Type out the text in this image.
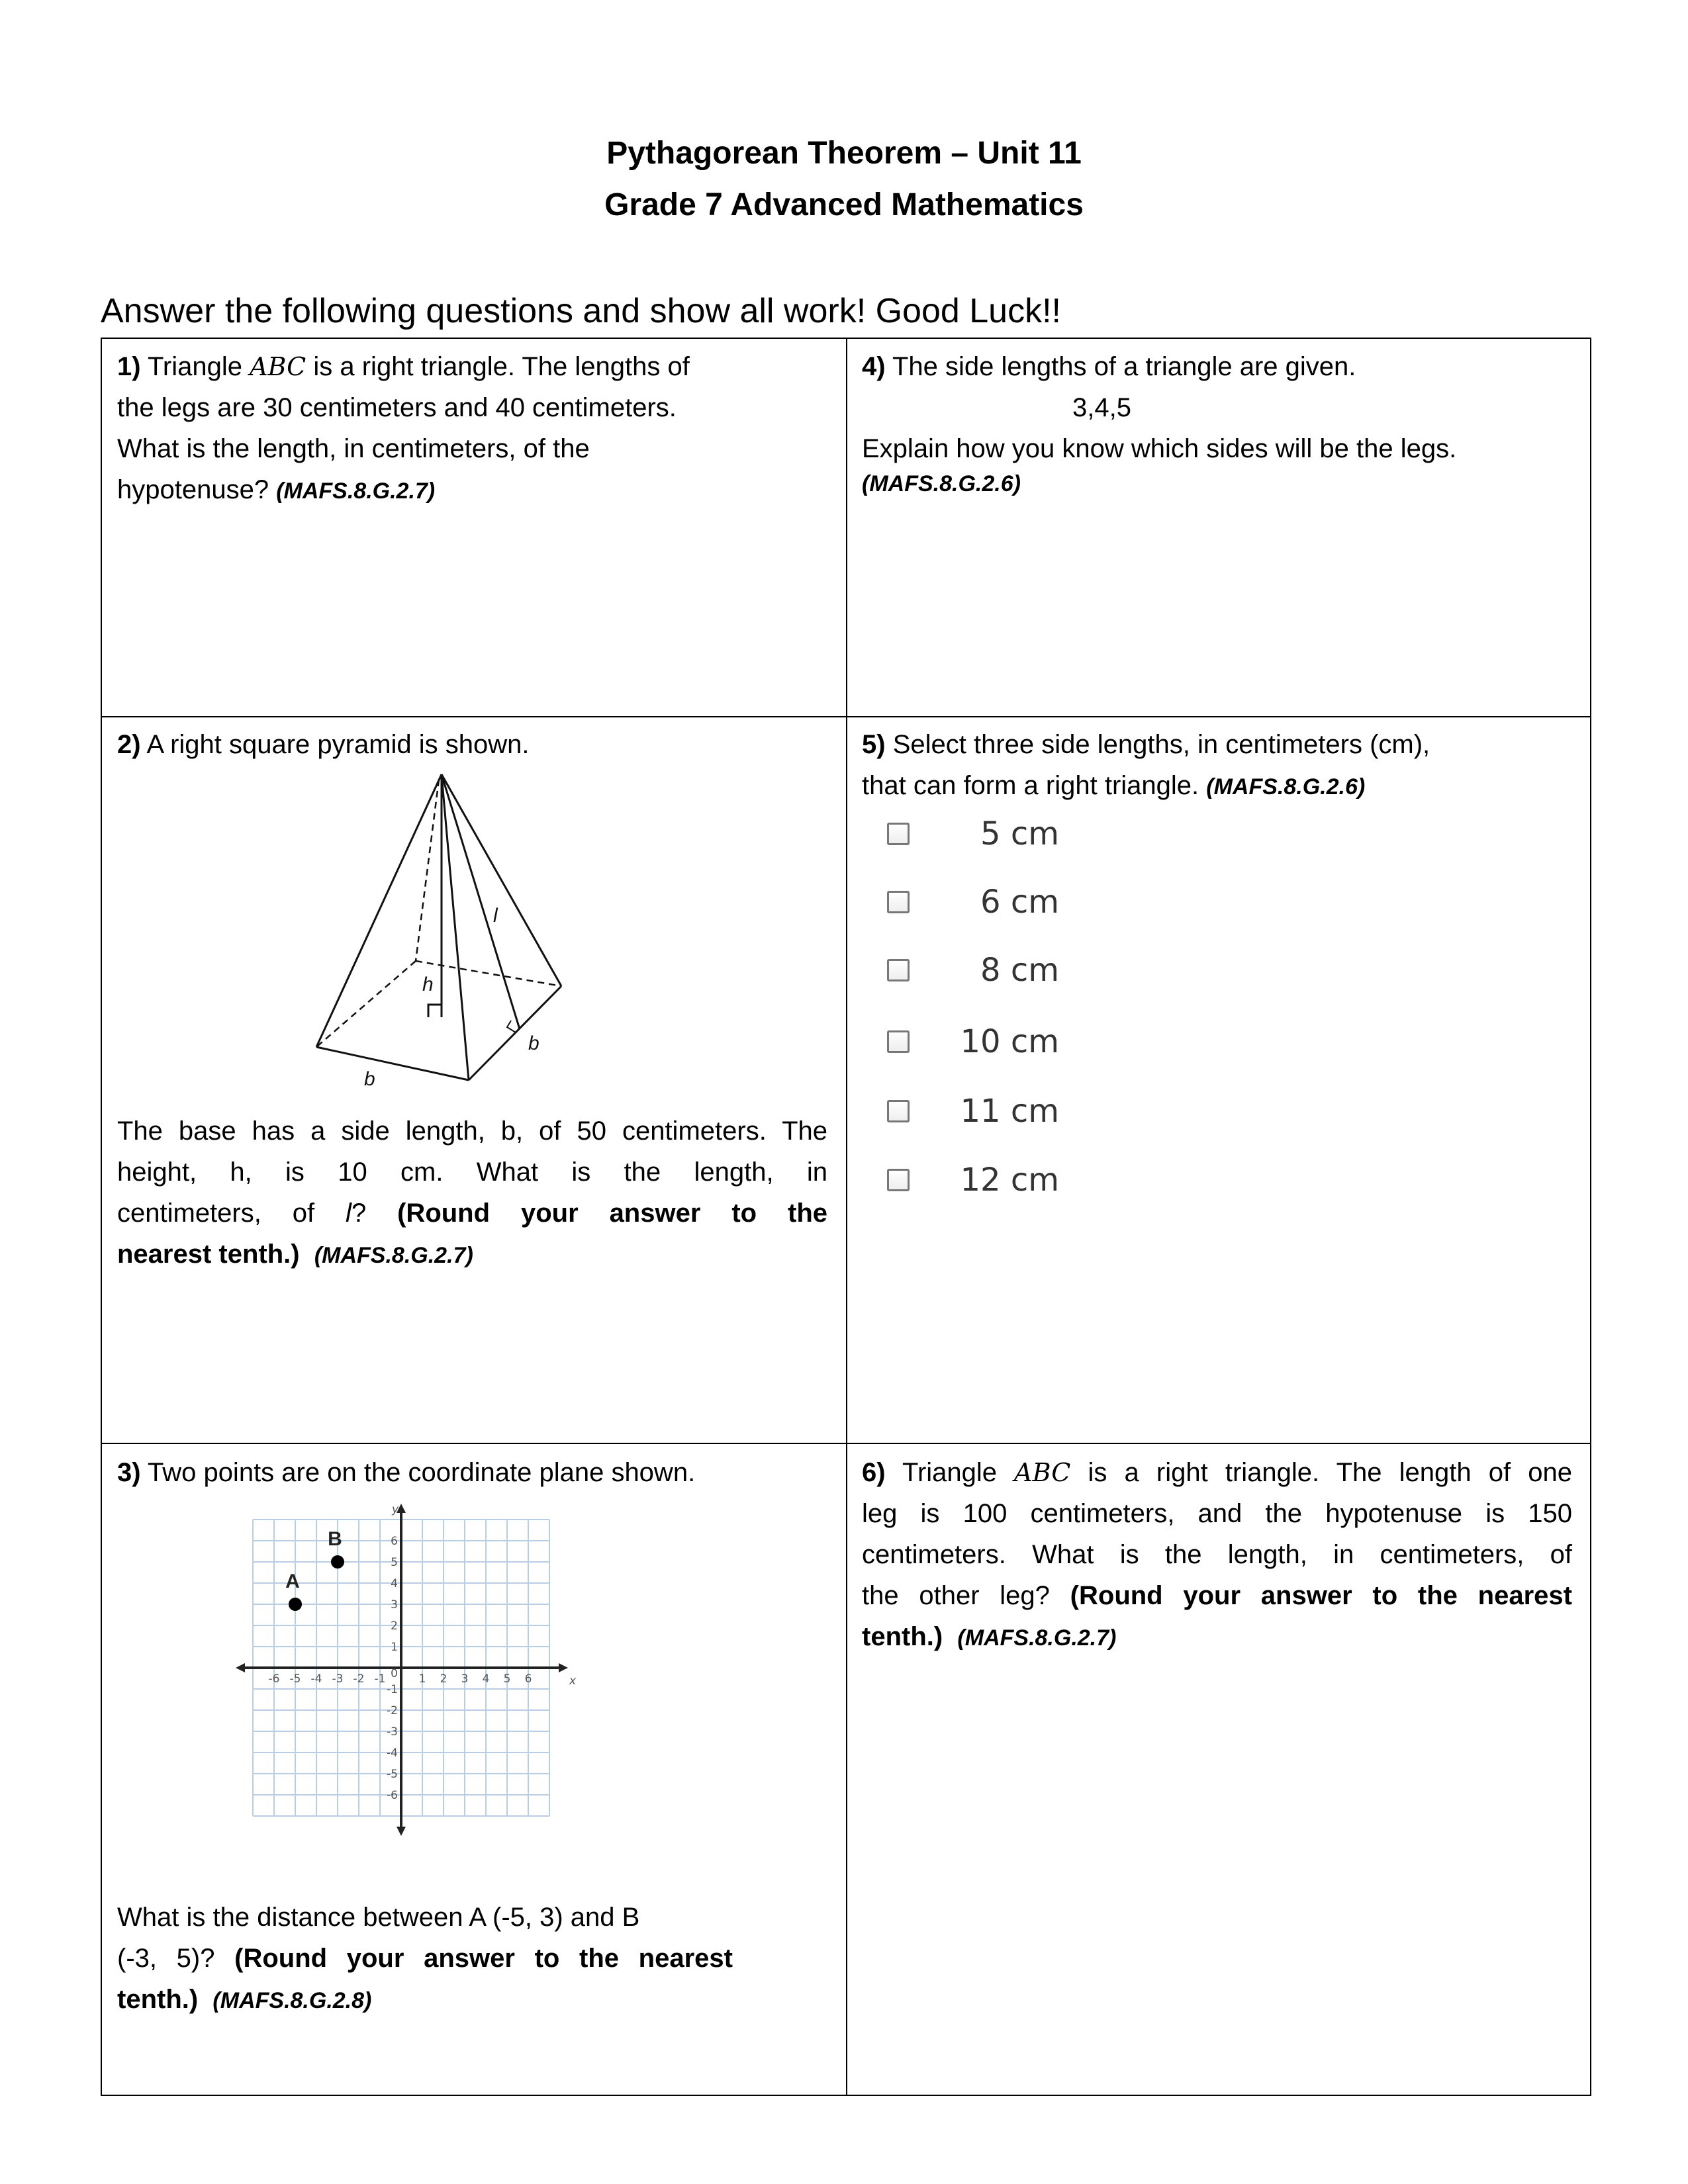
Pythagorean Theorem – Unit 11
Grade 7 Advanced Mathematics
Answer the following questions and show all work! Good Luck!!
1) Triangle ABC is a right triangle. The lengths of
the legs are 30 centimeters and 40 centimeters.
What is the length, in centimeters, of the
hypotenuse? (MAFS.8.G.2.7)
4) The side lengths of a triangle are given.
3,4,5
Explain how you know which sides will be the legs.
(MAFS.8.G.2.6)
2) A right square pyramid is shown.
h
l
b
b
The base has a side length, b, of 50 centimeters. The
height, h, is 10 cm. What is the length, in
centimeters, of l? (Round your answer to the
nearest tenth.) (MAFS.8.G.2.7)
5) Select three side lengths, in centimeters (cm),
that can form a right triangle. (MAFS.8.G.2.6)
5 cm
6 cm
8 cm
10 cm
11 cm
12 cm
3) Two points are on the coordinate plane shown.
-6 -5 -4 -3 -2 -1	1 2 3 4 5 6
6
5
4
3
2
1
-1
-2
-3
-4
-5
-6
0
y
x
A
B
What is the distance between A (-5, 3) and B
(-3, 5)? (Round your answer to the nearest
tenth.) (MAFS.8.G.2.8)
6) Triangle ABC is a right triangle. The length of one
leg is 100 centimeters, and the hypotenuse is 150
centimeters. What is the length, in centimeters, of
the other leg? (Round your answer to the nearest
tenth.) (MAFS.8.G.2.7)
